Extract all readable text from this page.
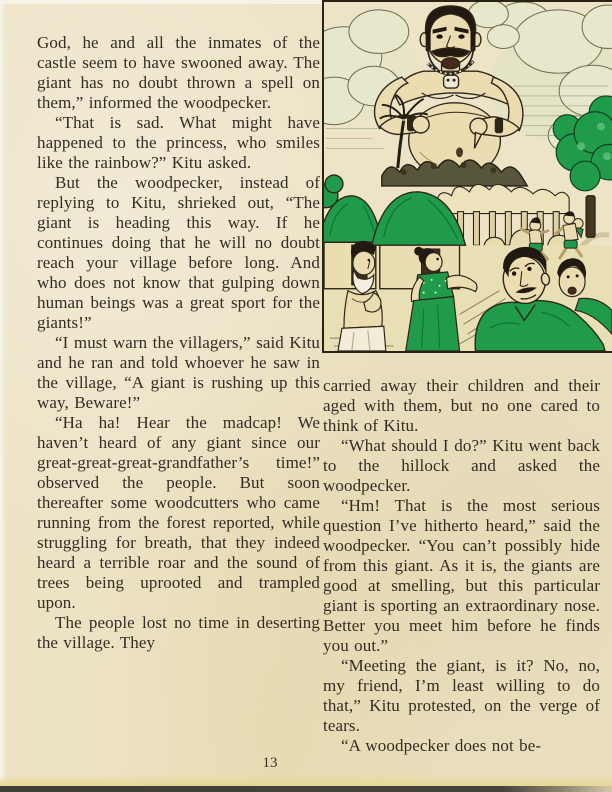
God, he and all the inmates of the castle seem to have swooned away. The giant has no doubt thrown a spell on them,” informed the woodpecker.

“That is sad. What might have happened to the princess, who smiles like the rainbow?” Kitu asked.

But the woodpecker, instead of replying to Kitu, shrieked out, “The giant is heading this way. If he continues doing that he will no doubt reach your village before long. And who does not know that gulping down human beings was a great sport for the giants!”

“I must warn the villagers,” said Kitu and he ran and told whoever he saw in the village, “A giant is rushing up this way, Beware!”

“Ha ha! Hear the madcap! We haven’t heard of any giant since our great-great-great-grandfather’s time!” observed the people. But soon thereafter some woodcutters who came running from the forest reported, while struggling for breath, that they indeed heard a terrible roar and the sound of trees being uprooted and trampled upon.

The people lost no time in deserting the village. They

carried away their children and their aged with them, but no one cared to think of Kitu.

“What should I do?” Kitu went back to the hillock and asked the woodpecker.

“Hm! That is the most serious question I’ve hitherto heard,” said the woodpecker. “You can’t possibly hide from this giant. As it is, the giants are good at smelling, but this particular giant is sporting an extraordinary nose. Better you meet him before he finds you out.”

“Meeting the giant, is it? No, no, my friend, I’m least willing to do that,” Kitu protested, on the verge of tears.

“A woodpecker does not be-

13
